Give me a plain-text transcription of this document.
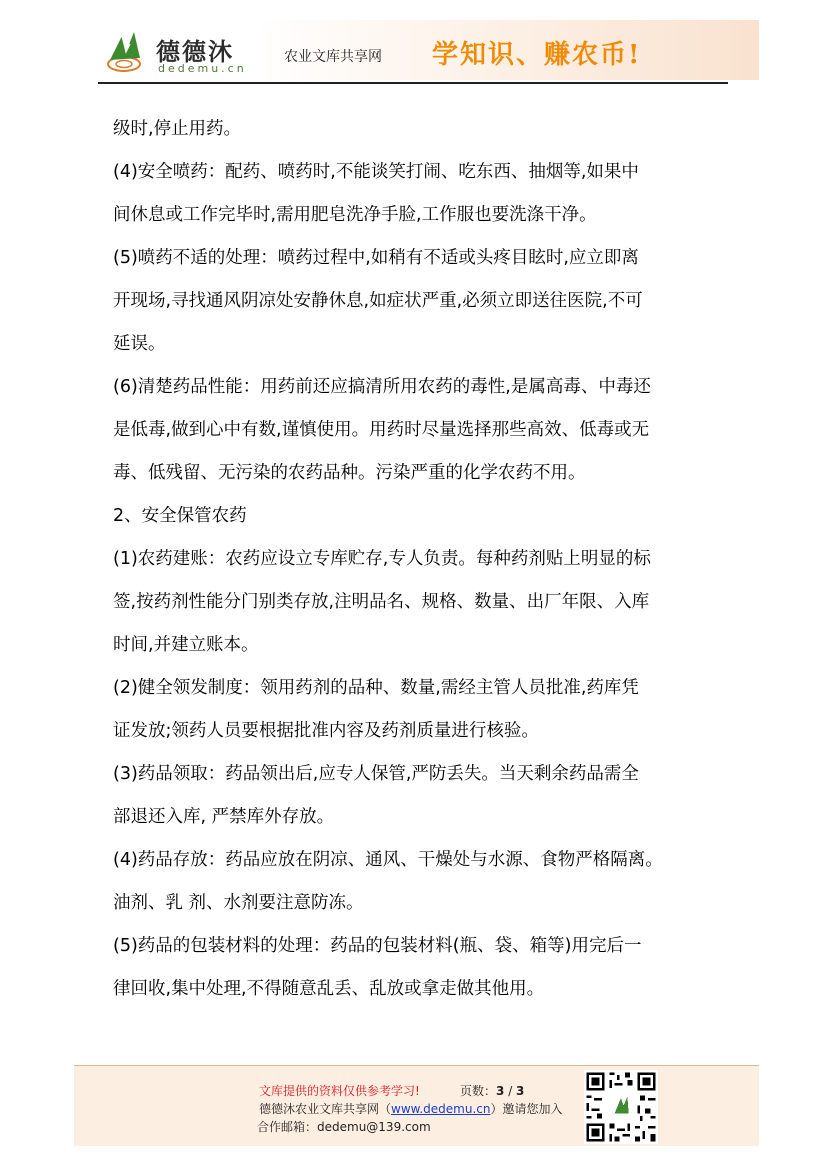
德德沐
dedemu.cn
农业文库共享网 学知识、赚农币!
级时,停止用药。
(4)安全喷药：配药、喷药时,不能谈笑打闹、吃东西、抽烟等,如果中
间休息或工作完毕时,需用肥皂洗净手脸,工作服也要洗涤干净。
(5)喷药不适的处理：喷药过程中,如稍有不适或头疼目眩时,应立即离
开现场,寻找通风阴凉处安静休息,如症状严重,必须立即送往医院,不可
延误。
(6)清楚药品性能：用药前还应搞清所用农药的毒性,是属高毒、中毒还
是低毒,做到心中有数,谨慎使用。用药时尽量选择那些高效、低毒或无
毒、低残留、无污染的农药品种。污染严重的化学农药不用。
2、安全保管农药
(1)农药建账：农药应设立专库贮存,专人负责。每种药剂贴上明显的标
签,按药剂性能分门别类存放,注明品名、规格、数量、出厂年限、入库
时间,并建立账本。
(2)健全领发制度：领用药剂的品种、数量,需经主管人员批准,药库凭
证发放;领药人员要根据批准内容及药剂质量进行核验。
(3)药品领取：药品领出后,应专人保管,严防丢失。当天剩余药品需全
部退还入库, 严禁库外存放。
(4)药品存放：药品应放在阴凉、通风、干燥处与水源、食物严格隔离。
油剂、乳 剂、水剂要注意防冻。
(5)药品的包装材料的处理：药品的包装材料(瓶、袋、箱等)用完后一
律回收,集中处理,不得随意乱丢、乱放或拿走做其他用。
文库提供的资料仅供参考学习!	页数：3 / 3
德德沐农业文库共享网（www.dedemu.cn）邀请您加入
合作邮箱：dedemu@139.com
